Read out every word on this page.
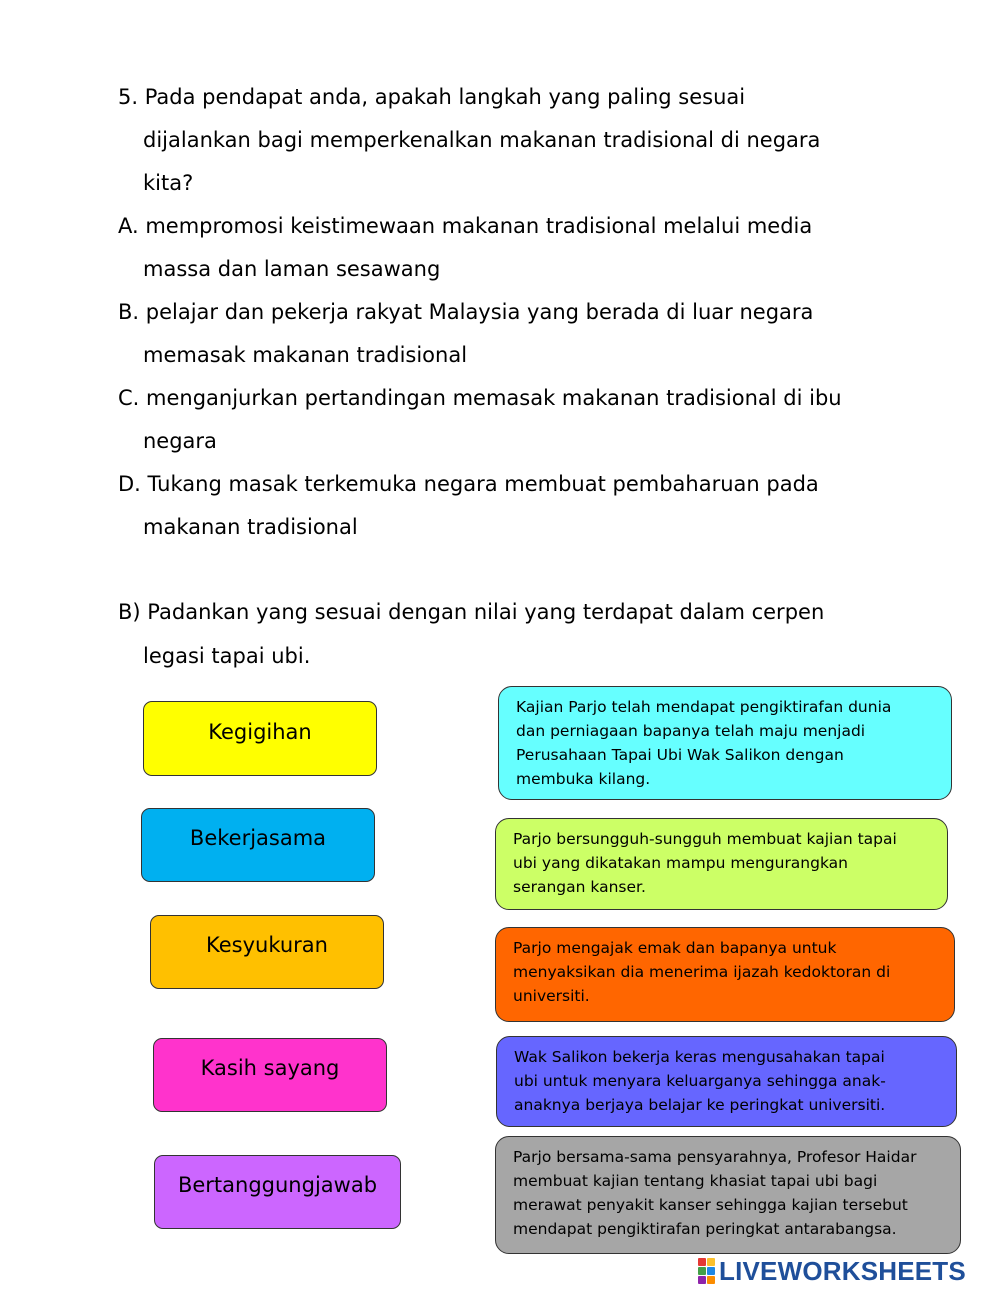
5. Pada pendapat anda, apakah langkah yang paling sesuai
dijalankan bagi memperkenalkan makanan tradisional di negara
kita?
A. mempromosi keistimewaan makanan tradisional melalui media
massa dan laman sesawang
B. pelajar dan pekerja rakyat Malaysia yang berada di luar negara
memasak makanan tradisional
C. menganjurkan pertandingan memasak makanan tradisional di ibu
negara
D. Tukang masak terkemuka negara membuat pembaharuan pada
makanan tradisional
B) Padankan yang sesuai dengan nilai yang terdapat dalam cerpen
legasi tapai ubi.
Kegigihan
Bekerjasama
Kesyukuran
Kasih sayang
Bertanggungjawab
Kajian Parjo telah mendapat pengiktirafan dunia
dan perniagaan bapanya telah maju menjadi
Perusahaan Tapai Ubi Wak Salikon dengan
membuka kilang.
Parjo bersungguh-sungguh membuat kajian tapai
ubi yang dikatakan mampu mengurangkan
serangan kanser.
Parjo mengajak emak dan bapanya untuk
menyaksikan dia menerima ijazah kedoktoran di
universiti.
Wak Salikon bekerja keras mengusahakan tapai
ubi untuk menyara keluarganya sehingga anak-
anaknya berjaya belajar ke peringkat universiti.
Parjo bersama-sama pensyarahnya, Profesor Haidar
membuat kajian tentang khasiat tapai ubi bagi
merawat penyakit kanser sehingga kajian tersebut
mendapat pengiktirafan peringkat antarabangsa.
LIVEWORKSHEETS
